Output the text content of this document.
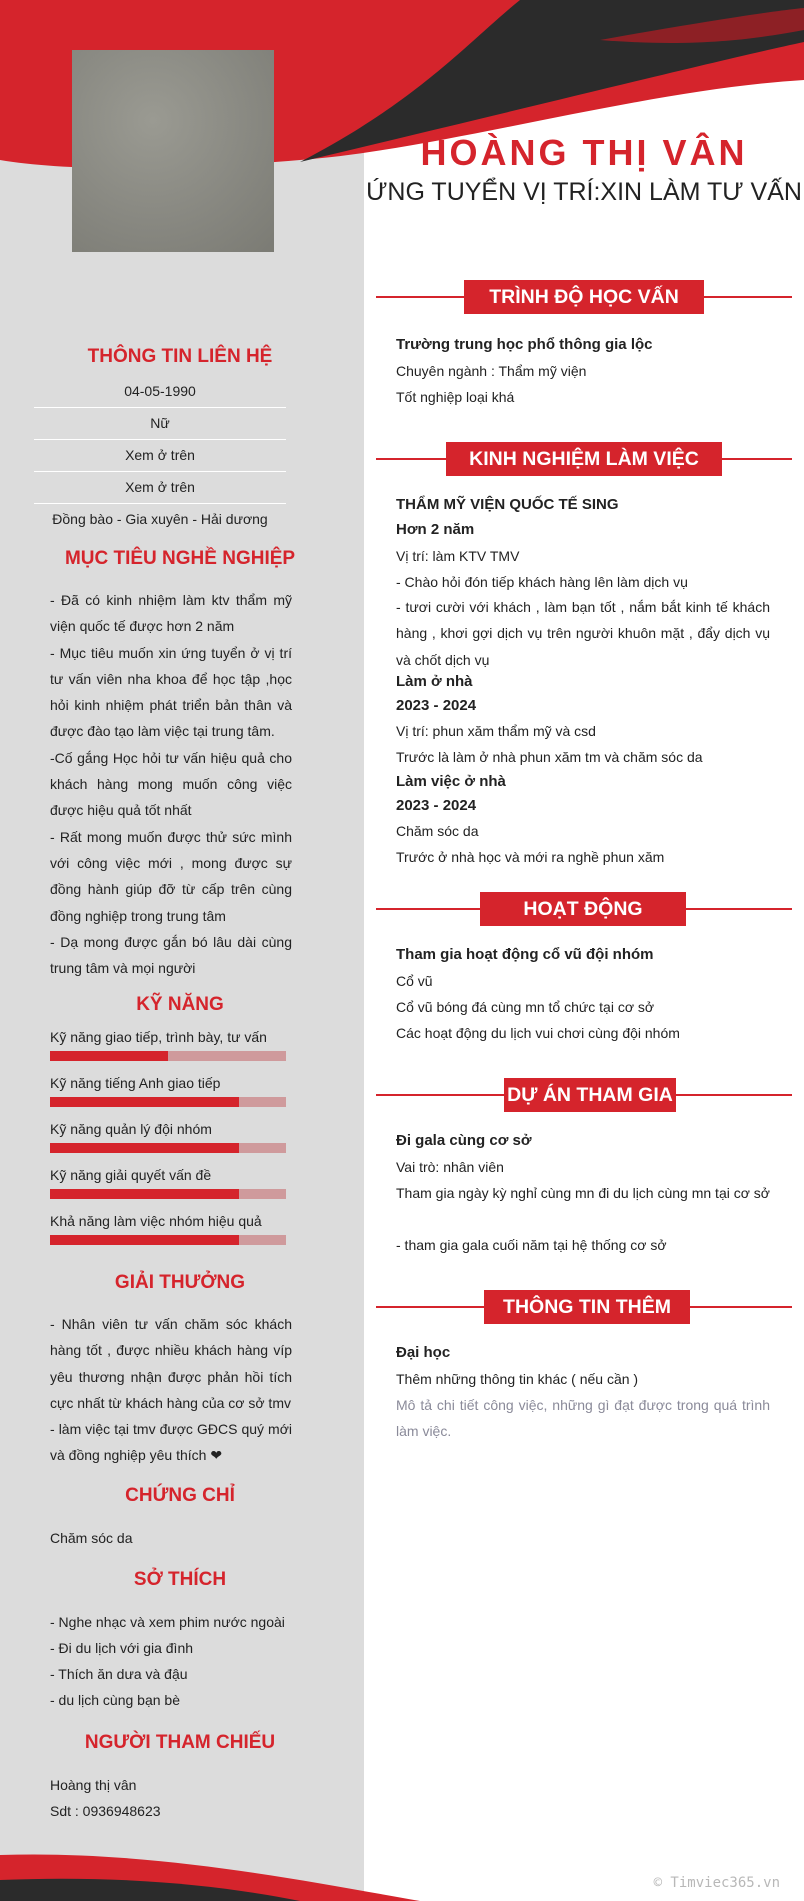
THÔNG TIN LIÊN HỆ
04-05-1990
Nữ
Xem ở trên
Xem ở trên
Đồng bào - Gia xuyên - Hải dương
MỤC TIÊU NGHỀ NGHIỆP
- Đã có kinh nhiệm làm ktv thẩm mỹ viện quốc tế được hơn 2 năm
- Mục tiêu muốn xin ứng tuyển ở vị trí tư vấn viên nha khoa để học tập ,học hỏi kinh nhiệm phát triển bản thân và được đào tạo làm việc tại trung tâm.
-Cố gắng Học hỏi tư vấn hiệu quả cho khách hàng mong muốn công việc được hiệu quả tốt nhất
- Rất mong muốn được thử sức mình với công việc mới , mong được sự đồng hành giúp đỡ từ cấp trên cùng đồng nghiệp trong trung tâm
- Dạ mong được gắn bó lâu dài cùng trung tâm và mọi người
KỸ NĂNG
Kỹ năng giao tiếp, trình bày, tư vấn
Kỹ năng tiếng Anh giao tiếp
Kỹ năng quản lý đội nhóm
Kỹ năng giải quyết vấn đề
Khả năng làm việc nhóm hiệu quả
GIẢI THƯỞNG
- Nhân viên tư vấn chăm sóc khách hàng tốt , được nhiều khách hàng víp yêu thương nhận được phản hồi tích cực nhất từ khách hàng của cơ sở tmv
- làm việc tại tmv được GĐCS quý mới và đồng nghiệp yêu thích ❤
CHỨNG CHỈ
Chăm sóc da
SỞ THÍCH
- Nghe nhạc và xem phim nước ngoài
- Đi du lịch với gia đình
- Thích ăn dưa và đậu
- du lịch cùng bạn bè
NGƯỜI THAM CHIẾU
Hoàng thị vân
Sdt : 0936948623
HOÀNG THỊ VÂN
ỨNG TUYỂN VỊ TRÍ:XIN LÀM TƯ VẤN
TRÌNH ĐỘ HỌC VẤN
Trường trung học phổ thông gia lộc
Chuyên ngành : Thẩm mỹ viện
Tốt nghiệp loại khá
KINH NGHIỆM LÀM VIỆC
THẨM MỸ VIỆN QUỐC TẾ SING
Hơn 2 năm
Vị trí: làm KTV TMV
- Chào hỏi đón tiếp khách hàng lên làm dịch vụ
- tươi cười với khách , làm bạn tốt , nắm bắt kinh tế khách hàng , khơi gợi dịch vụ trên người khuôn mặt , đẩy dịch vụ và chốt dịch vụ
Làm ở nhà
2023 - 2024
Vị trí: phun xăm thẩm mỹ và csd
Trước là làm ở nhà phun xăm tm và chăm sóc da
Làm việc ở nhà
2023 - 2024
Chăm sóc da
Trước ở nhà học và mới ra nghề phun xăm
HOẠT ĐỘNG
Tham gia hoạt động cổ vũ đội nhóm
Cổ vũ
Cổ vũ bóng đá cùng mn tổ chức tại cơ sở
Các hoạt động du lịch vui chơi cùng đội nhóm
DỰ ÁN THAM GIA
Đi gala cùng cơ sở
Vai trò: nhân viên
Tham gia ngày kỳ nghỉ cùng mn đi du lịch cùng mn tại cơ sở
- tham gia gala cuối năm tại hệ thống cơ sở
THÔNG TIN THÊM
Đại học
Thêm những thông tin khác ( nếu cần )
Mô tả chi tiết công việc, những gì đạt được trong quá trình làm việc.
© Timviec365.vn
